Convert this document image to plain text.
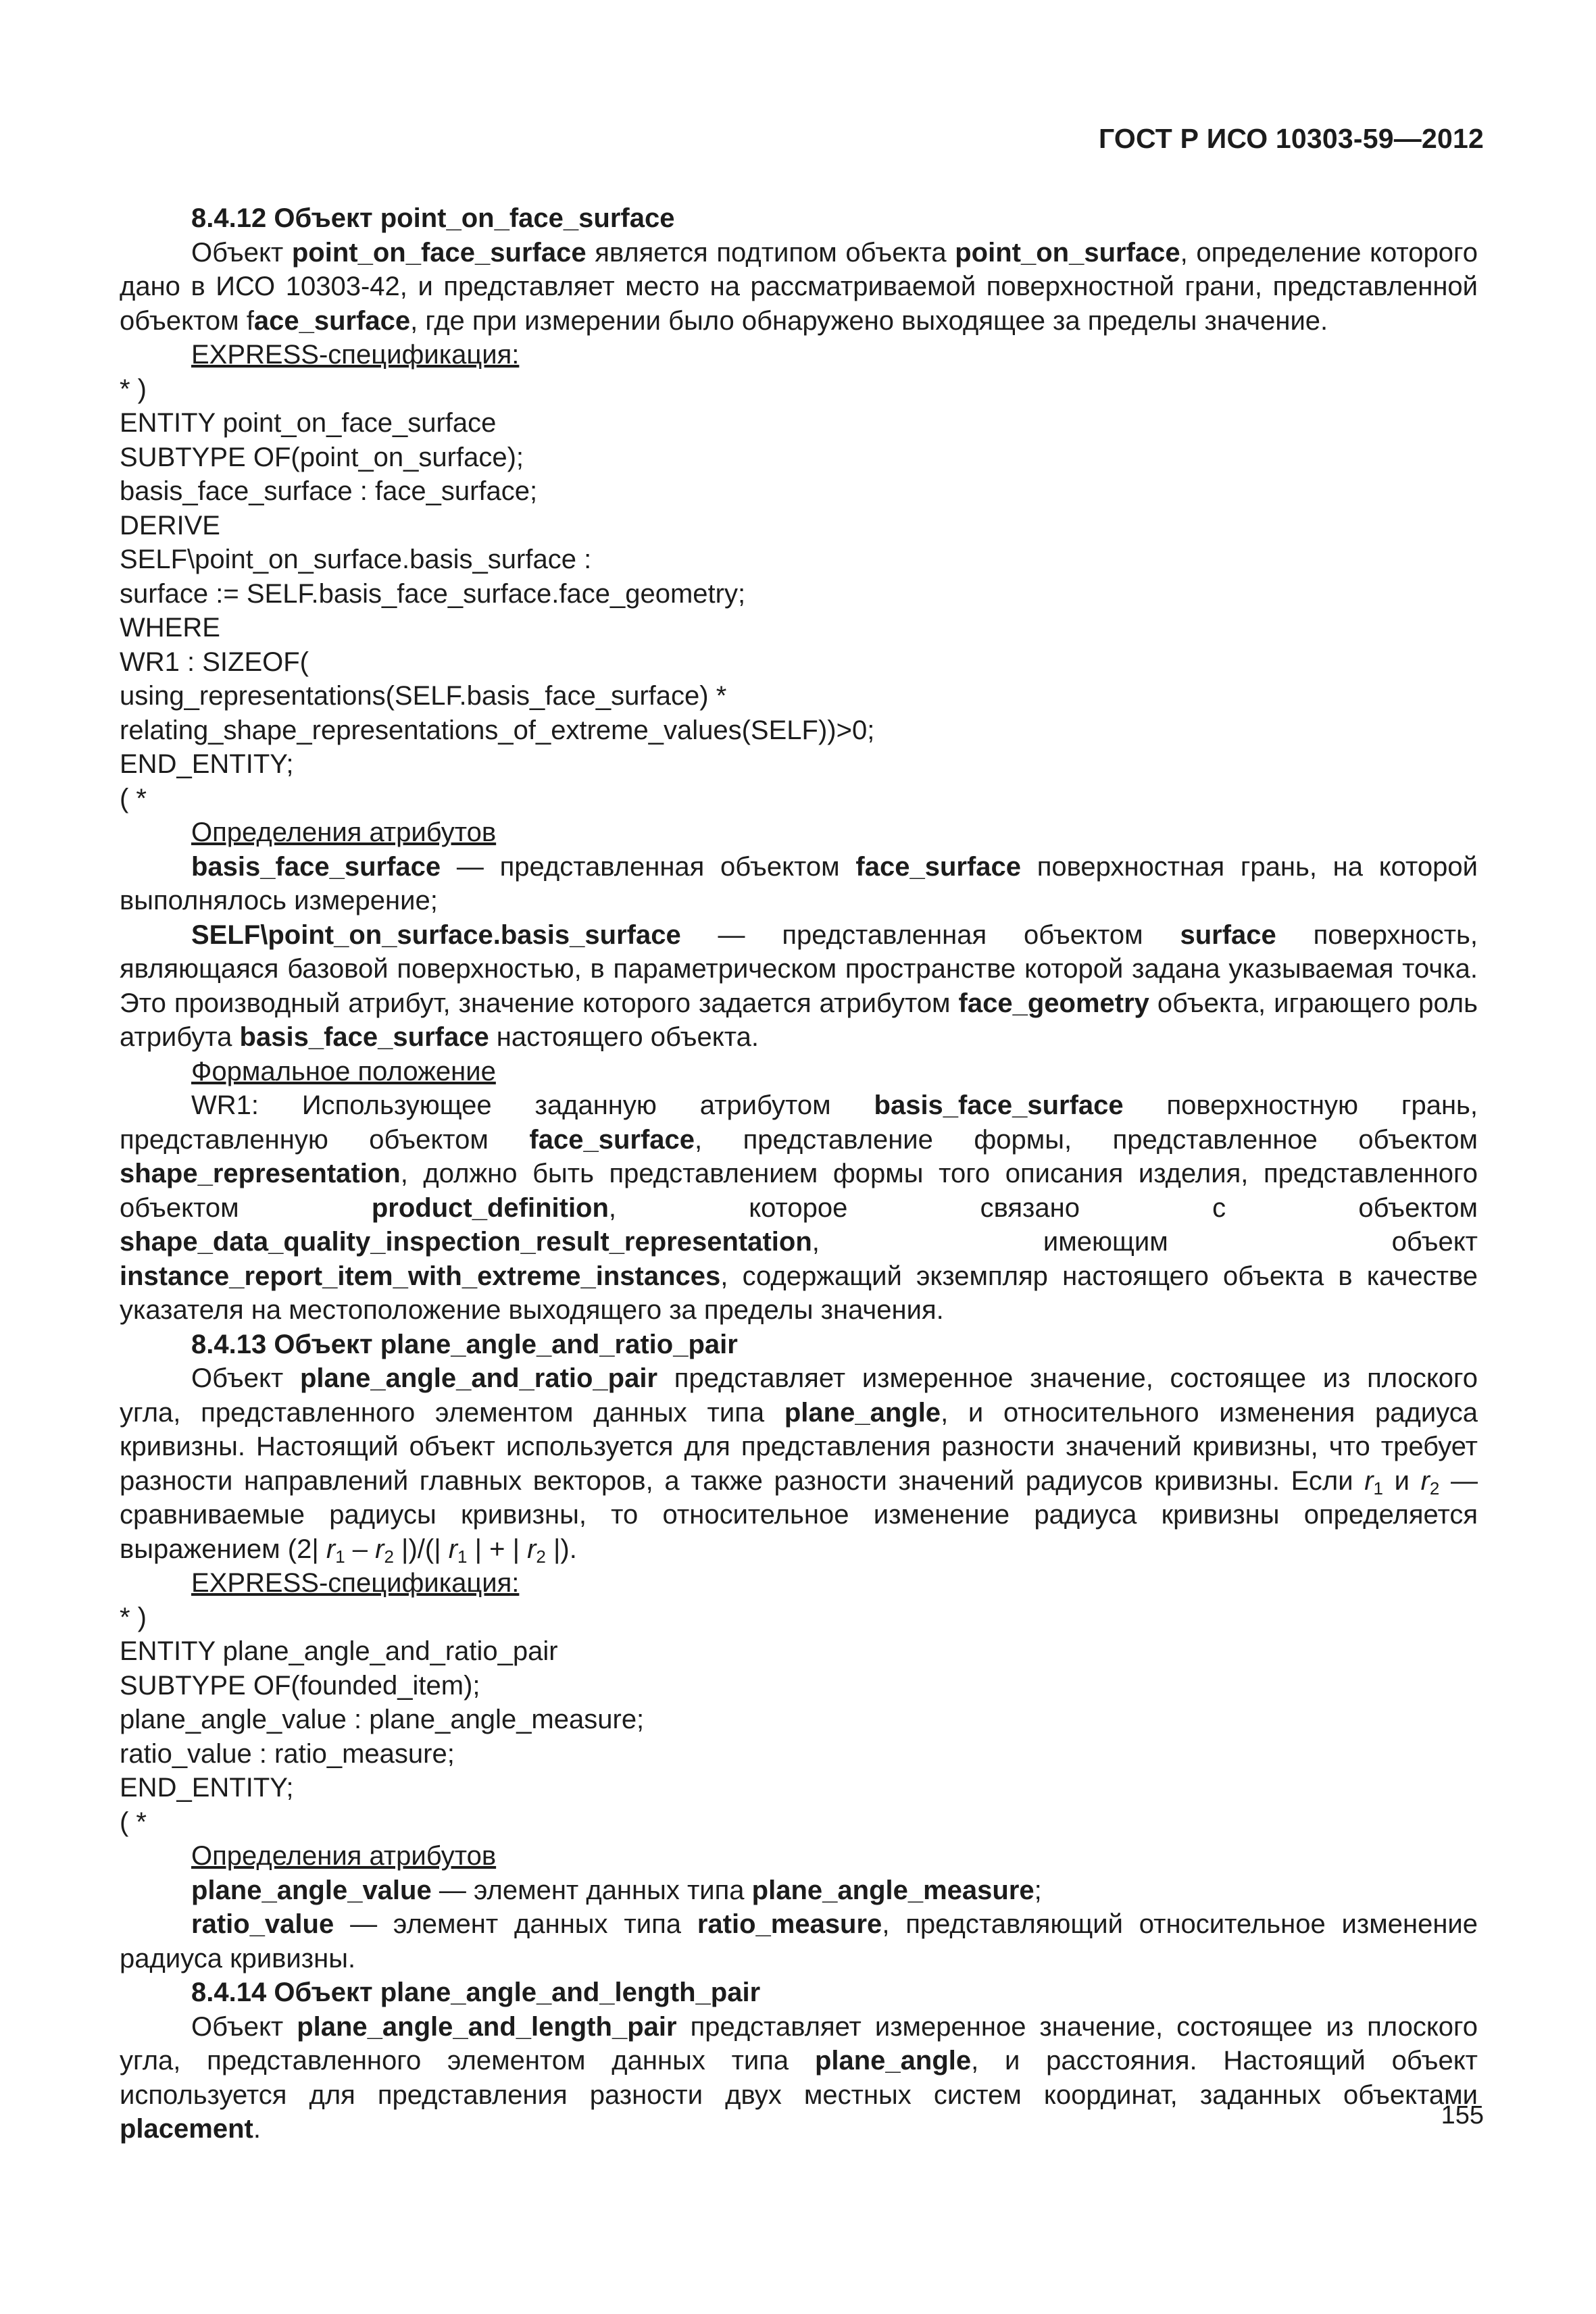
ГОСТ Р ИСО 10303-59—2012

8.4.12 Объект point_on_face_surface

Объект point_on_face_surface является подтипом объекта point_on_surface, определение которого дано в ИСО 10303-42, и представляет место на рассматриваемой поверхностной грани, представленной объектом face_surface, где при измерении было обнаружено выходящее за пределы значение.

EXPRESS-спецификация:

* )
ENTITY point_on_face_surface
SUBTYPE OF(point_on_surface);
basis_face_surface : face_surface;
DERIVE
SELF\point_on_surface.basis_surface :
surface := SELF.basis_face_surface.face_geometry;
WHERE
WR1 : SIZEOF(
using_representations(SELF.basis_face_surface) *
relating_shape_representations_of_extreme_values(SELF))>0;
END_ENTITY;
( *

Определения атрибутов

basis_face_surface — представленная объектом face_surface поверхностная грань, на которой выполнялось измерение;

SELF\point_on_surface.basis_surface — представленная объектом surface поверхность, являющаяся базовой поверхностью, в параметрическом пространстве которой задана указываемая точка. Это производный атрибут, значение которого задается атрибутом face_geometry объекта, играющего роль атрибута basis_face_surface настоящего объекта.

Формальное положение

WR1: Использующее заданную атрибутом basis_face_surface поверхностную грань, представленную объектом face_surface, представление формы, представленное объектом shape_representation, должно быть представлением формы того описания изделия, представленного объектом product_definition, которое связано с объектом shape_data_quality_inspection_result_representation, имеющим объект instance_report_item_with_extreme_instances, содержащий экземпляр настоящего объекта в качестве указателя на местоположение выходящего за пределы значения.

8.4.13 Объект plane_angle_and_ratio_pair

Объект plane_angle_and_ratio_pair представляет измеренное значение, состоящее из плоского угла, представленного элементом данных типа plane_angle, и относительного изменения радиуса кривизны. Настоящий объект используется для представления разности значений кривизны, что требует разности направлений главных векторов, а также разности значений радиусов кривизны. Если $r_1$ и $r_2$ — сравниваемые радиусы кривизны, то относительное изменение радиуса кривизны определяется выражением (2| $r_1 - r_2$ |)/(| $r_1$ | + | $r_2$ |).

EXPRESS-спецификация:

* )
ENTITY plane_angle_and_ratio_pair
SUBTYPE OF(founded_item);
plane_angle_value : plane_angle_measure;
ratio_value : ratio_measure;
END_ENTITY;
( *

Определения атрибутов

plane_angle_value — элемент данных типа plane_angle_measure;

ratio_value — элемент данных типа ratio_measure, представляющий относительное изменение радиуса кривизны.

8.4.14 Объект plane_angle_and_length_pair

Объект plane_angle_and_length_pair представляет измеренное значение, состоящее из плоского угла, представленного элементом данных типа plane_angle, и расстояния. Настоящий объект используется для представления разности двух местных систем координат, заданных объектами placement.	155
